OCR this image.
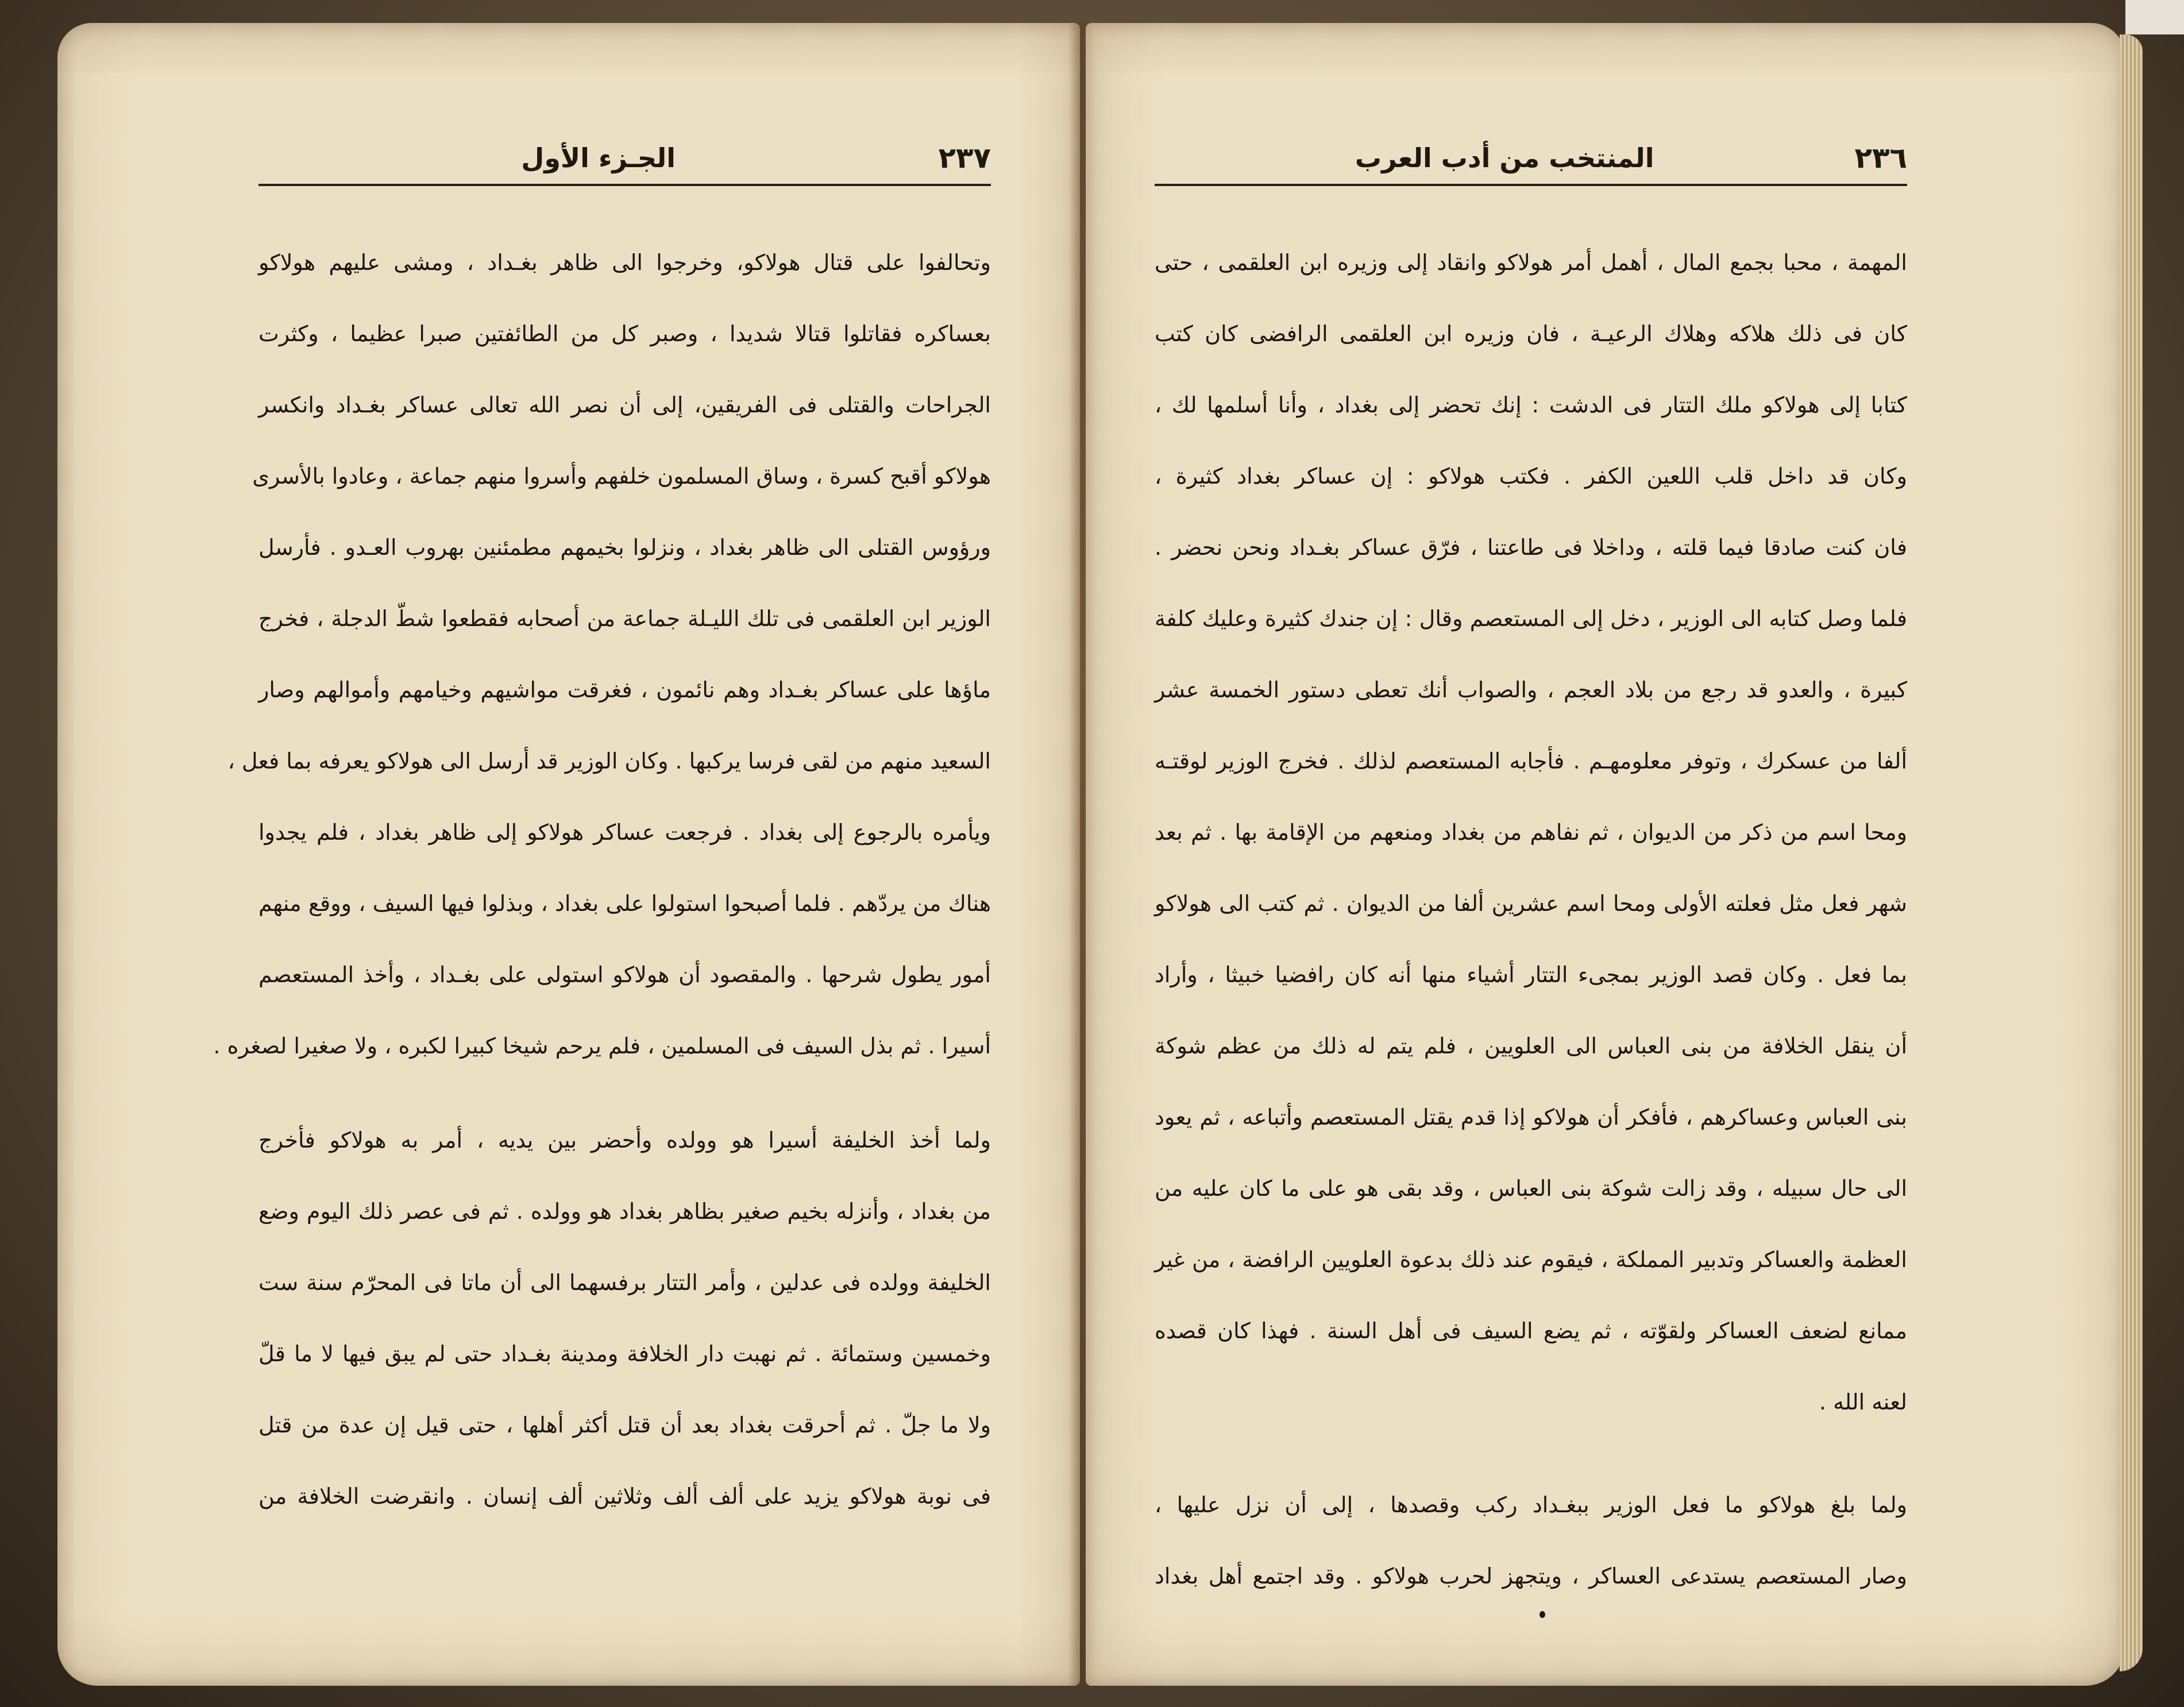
٢٣٧
الجـزء الأول
وتحالفوا على قتال هولاكو، وخرجوا الى ظاهر بغـداد ، ومشى عليهم هولاكو
بعساكره فقاتلوا قتالا شديدا ، وصبر كل من الطائفتين صبرا عظيما ، وكثرت
الجراحات والقتلى فى الفريقين، إلى أن نصر الله تعالى عساكر بغـداد وانكسر
هولاكو أقبح كسرة ، وساق المسلمون خلفهم وأسروا منهم جماعة ، وعادوا بالأسرى
ورؤوس القتلى الى ظاهر بغداد ، ونزلوا بخيمهم مطمئنين بهروب العـدو . فأرسل
الوزير ابن العلقمى فى تلك الليـلة جماعة من أصحابه فقطعوا شطّ الدجلة ، فخرج
ماؤها على عساكر بغـداد وهم نائمون ، فغرقت مواشيهم وخيامهم وأموالهم وصار
السعيد منهم من لقى فرسا يركبها . وكان الوزير قد أرسل الى هولاكو يعرفه بما فعل ،
ويأمره بالرجوع إلى بغداد . فرجعت عساكر هولاكو إلى ظاهر بغداد ، فلم يجدوا
هناك من يردّهم . فلما أصبحوا استولوا على بغداد ، وبذلوا فيها السيف ، ووقع منهم
أمور يطول شرحها . والمقصود أن هولاكو استولى على بغـداد ، وأخذ المستعصم
أسيرا . ثم بذل السيف فى المسلمين ، فلم يرحم شيخا كبيرا لكبره ، ولا صغيرا لصغره .
ولما أخذ الخليفة أسيرا هو وولده وأحضر بين يديه ، أمر به هولاكو فأخرج
من بغداد ، وأنزله بخيم صغير بظاهر بغداد هو وولده . ثم فى عصر ذلك اليوم وضع
الخليفة وولده فى عدلين ، وأمر التتار برفسهما الى أن ماتا فى المحرّم سنة ست
وخمسين وستمائة . ثم نهبت دار الخلافة ومدينة بغـداد حتى لم يبق فيها لا ما قلّ
ولا ما جلّ . ثم أحرقت بغداد بعد أن قتل أكثر أهلها ، حتى قيل إن عدة من قتل
فى نوبة هولاكو يزيد على ألف ألف وثلاثين ألف إنسان . وانقرضت الخلافة من
٢٣٦
المنتخب من أدب العرب
المهمة ، محبا بجمع المال ، أهمل أمر هولاكو وانقاد إلى وزيره ابن العلقمى ، حتى
كان فى ذلك هلاكه وهلاك الرعيـة ، فان وزيره ابن العلقمى الرافضى كان كتب
كتابا إلى هولاكو ملك التتار فى الدشت : إنك تحضر إلى بغداد ، وأنا أسلمها لك ،
وكان قد داخل قلب اللعين الكفر . فكتب هولاكو : إن عساكر بغداد كثيرة ،
فان كنت صادقا فيما قلته ، وداخلا فى طاعتنا ، فرّق عساكر بغـداد ونحن نحضر .
فلما وصل كتابه الى الوزير ، دخل إلى المستعصم وقال : إن جندك كثيرة وعليك كلفة
كبيرة ، والعدو قد رجع من بلاد العجم ، والصواب أنك تعطى دستور الخمسة عشر
ألفا من عسكرك ، وتوفر معلومهـم . فأجابه المستعصم لذلك . فخرج الوزير لوقتـه
ومحا اسم من ذكر من الديوان ، ثم نفاهم من بغداد ومنعهم من الإقامة بها . ثم بعد
شهر فعل مثل فعلته الأولى ومحا اسم عشرين ألفا من الديوان . ثم كتب الى هولاكو
بما فعل . وكان قصد الوزير بمجىء التتار أشياء منها أنه كان رافضيا خبيثا ، وأراد
أن ينقل الخلافة من بنى العباس الى العلويين ، فلم يتم له ذلك من عظم شوكة
بنى العباس وعساكرهم ، فأفكر أن هولاكو إذا قدم يقتل المستعصم وأتباعه ، ثم يعود
الى حال سبيله ، وقد زالت شوكة بنى العباس ، وقد بقى هو على ما كان عليه من
العظمة والعساكر وتدبير المملكة ، فيقوم عند ذلك بدعوة العلويين الرافضة ، من غير
ممانع لضعف العساكر ولقوّته ، ثم يضع السيف فى أهل السنة . فهذا كان قصده
لعنه الله .
ولما بلغ هولاكو ما فعل الوزير ببغـداد ركب وقصدها ، إلى أن نزل عليها ،
وصار المستعصم يستدعى العساكر ، ويتجهز لحرب هولاكو . وقد اجتمع أهل بغداد
